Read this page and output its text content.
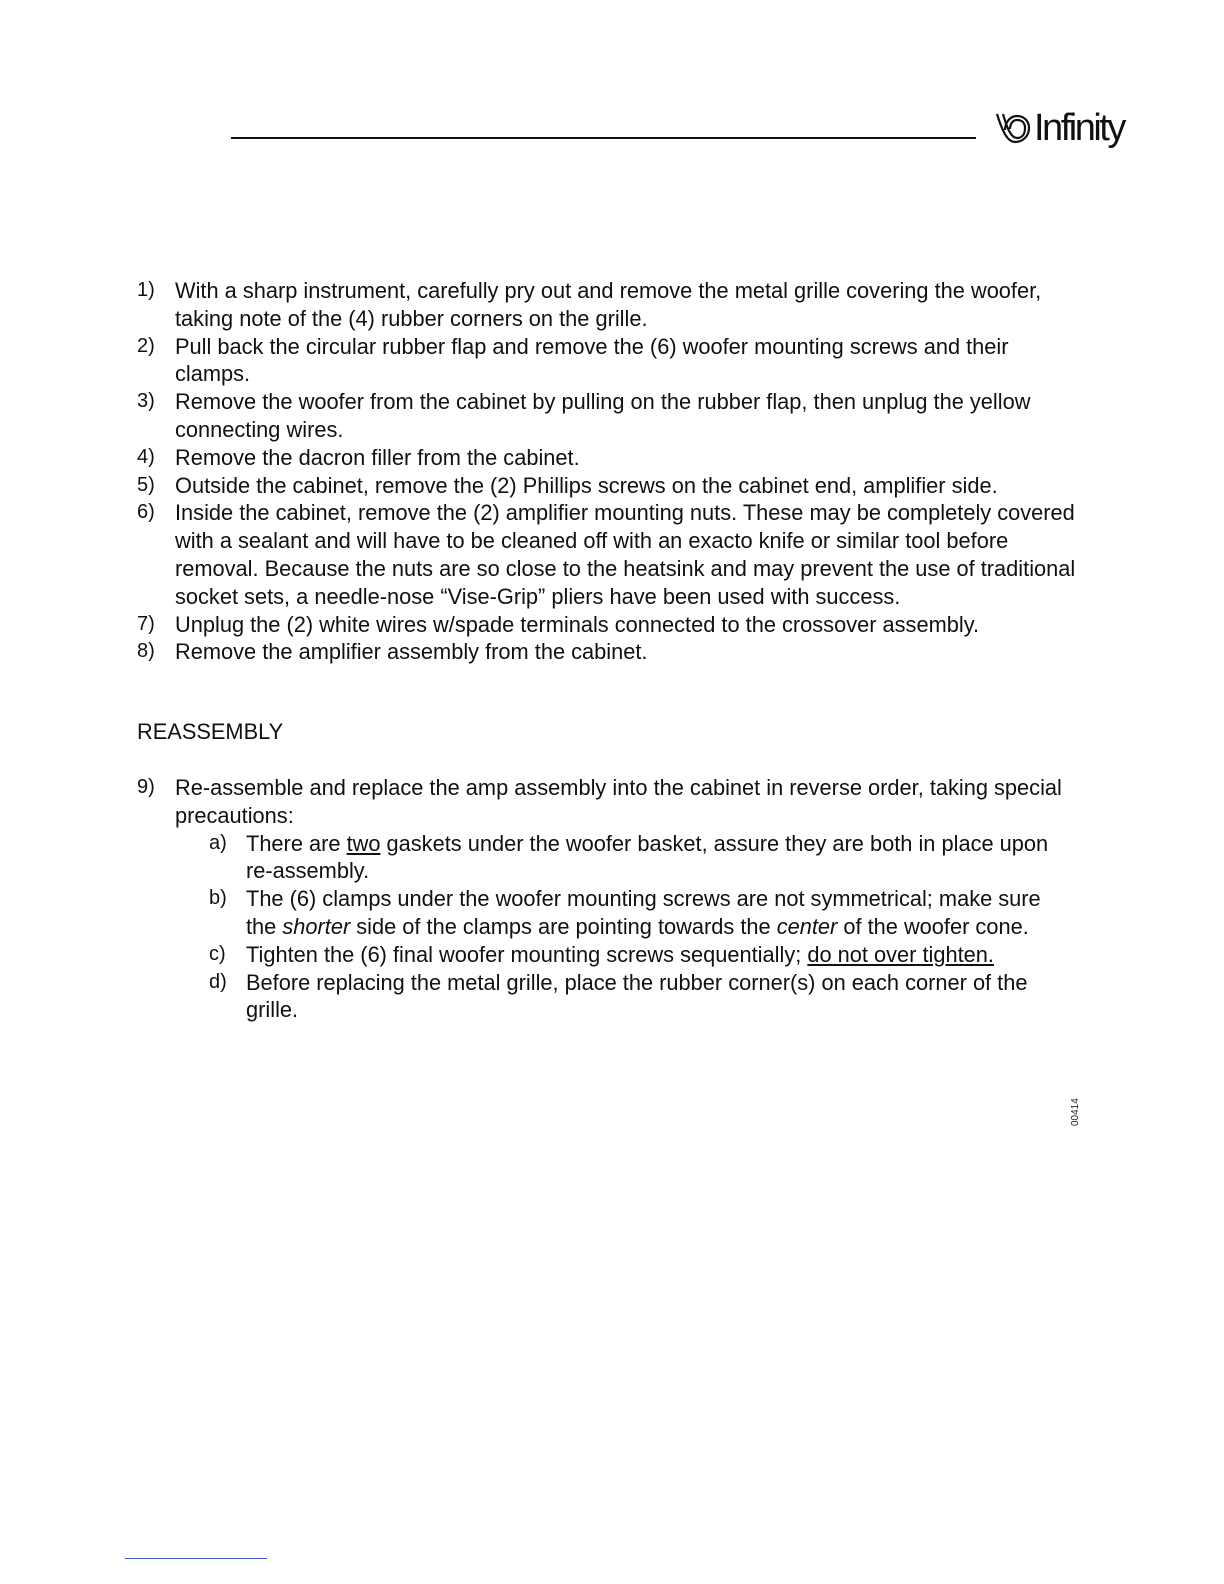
Infinity
1) With a sharp instrument, carefully pry out and remove the metal grille covering the woofer, taking note of the (4) rubber corners on the grille.
2) Pull back the circular rubber flap and remove the (6) woofer mounting screws and their clamps.
3) Remove the woofer from the cabinet by pulling on the rubber flap, then unplug the yellow connecting wires.
4) Remove the dacron filler from the cabinet.
5) Outside the cabinet, remove the (2) Phillips screws on the cabinet end, amplifier side.
6) Inside the cabinet, remove the (2) amplifier mounting nuts. These may be completely covered with a sealant and will have to be cleaned off with an exacto knife or similar tool before removal. Because the nuts are so close to the heatsink and may prevent the use of traditional socket sets, a needle-nose “Vise-Grip” pliers have been used with success.
7) Unplug the (2) white wires w/spade terminals connected to the crossover assembly.
8) Remove the amplifier assembly from the cabinet.
REASSEMBLY
9) Re-assemble and replace the amp assembly into the cabinet in reverse order, taking special precautions:
a) There are two gaskets under the woofer basket, assure they are both in place upon re-assembly.
b) The (6) clamps under the woofer mounting screws are not symmetrical; make sure the shorter side of the clamps are pointing towards the center of the woofer cone.
c) Tighten the (6) final woofer mounting screws sequentially; do not over tighten.
d) Before replacing the metal grille, place the rubber corner(s) on each corner of the grille.
00414
